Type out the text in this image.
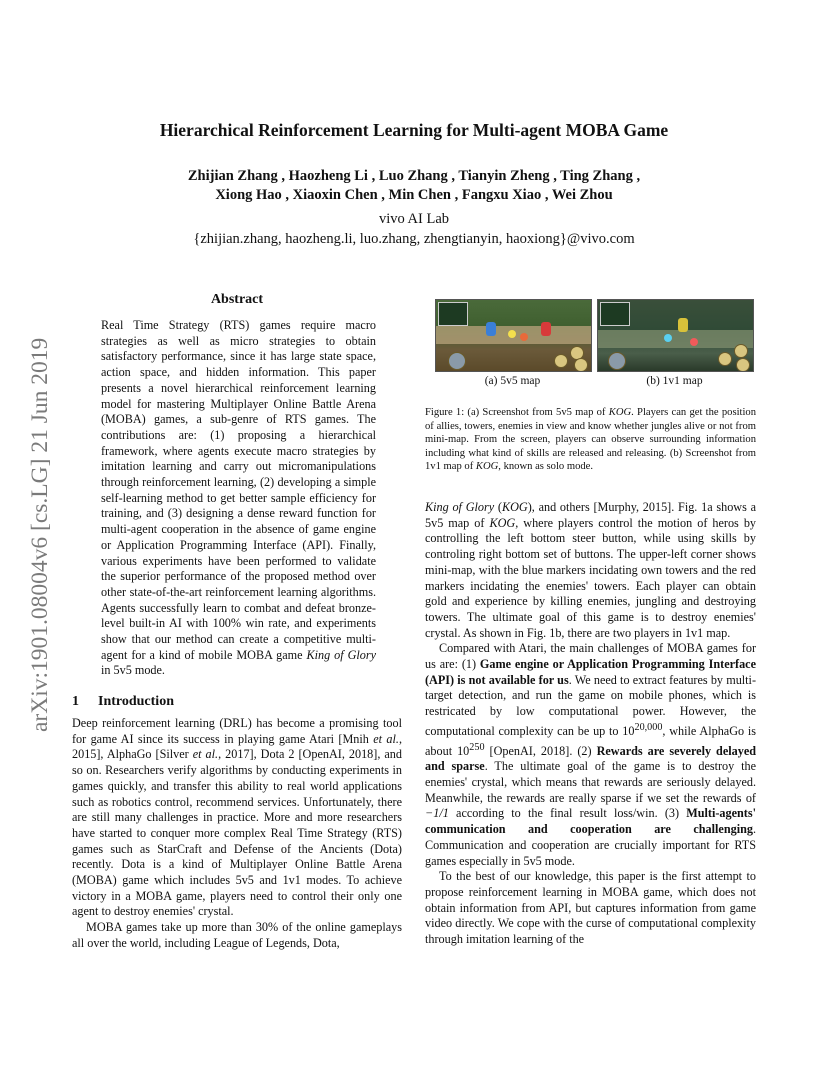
Hierarchical Reinforcement Learning for Multi-agent MOBA Game
Zhijian Zhang , Haozheng Li , Luo Zhang , Tianyin Zheng , Ting Zhang ,
Xiong Hao , Xiaoxin Chen , Min Chen , Fangxu Xiao , Wei Zhou
vivo AI Lab
{zhijian.zhang, haozheng.li, luo.zhang, zhengtianyin, haoxiong}@vivo.com
arXiv:1901.08004v6 [cs.LG] 21 Jun 2019
Abstract
Real Time Strategy (RTS) games require macro strategies as well as micro strategies to obtain satisfactory performance, since it has large state space, action space, and hidden information. This paper presents a novel hierarchical reinforcement learning model for mastering Multiplayer Online Battle Arena (MOBA) games, a sub-genre of RTS games. The contributions are: (1) proposing a hierarchical framework, where agents execute macro strategies by imitation learning and carry out micromanipulations through reinforcement learning, (2) developing a simple self-learning method to get better sample efficiency for training, and (3) designing a dense reward function for multi-agent cooperation in the absence of game engine or Application Programming Interface (API). Finally, various experiments have been performed to validate the superior performance of the proposed method over other state-of-the-art reinforcement learning algorithms. Agents successfully learn to combat and defeat bronze-level built-in AI with 100% win rate, and experiments show that our method can create a competitive multi-agent for a kind of mobile MOBA game King of Glory in 5v5 mode.
1 Introduction

Deep reinforcement learning (DRL) has become a promising tool for game AI since its success in playing game Atari [Mnih et al., 2015], AlphaGo [Silver et al., 2017], Dota 2 [OpenAI, 2018], and so on. Researchers verify algorithms by conducting experiments in games quickly, and transfer this ability to real world applications such as robotics control, recommend services. Unfortunately, there are still many challenges in practice. More and more researchers have started to conquer more complex Real Time Strategy (RTS) games such as StarCraft and Defense of the Ancients (Dota) recently. Dota is a kind of Multiplayer Online Battle Arena (MOBA) game which includes 5v5 and 1v1 modes. To achieve victory in a MOBA game, players need to control their only one agent to destroy enemies' crystal.

MOBA games take up more than 30% of the online gameplays all over the world, including League of Legends, Dota,

(a) 5v5 map	(b) 1v1 map
Figure 1: (a) Screenshot from 5v5 map of KOG. Players can get the position of allies, towers, enemies in view and know whether jungles alive or not from mini-map. From the screen, players can observe surrounding information including what kind of skills are released and releasing. (b) Screenshot from 1v1 map of KOG, known as solo mode.

King of Glory (KOG), and others [Murphy, 2015]. Fig. 1a shows a 5v5 map of KOG, where players control the motion of heros by controlling the left bottom steer button, while using skills by controling right bottom set of buttons. The upper-left corner shows mini-map, with the blue markers incidating own towers and the red markers incidating the enemies' towers. Each player can obtain gold and experience by killing enemies, jungling and destroying towers. The ultimate goal of this game is to destroy enemies' crystal. As shown in Fig. 1b, there are two players in 1v1 map.

Compared with Atari, the main challenges of MOBA games for us are: (1) Game engine or Application Programming Interface (API) is not available for us. We need to extract features by multi-target detection, and run the game on mobile phones, which is restricated by low computational power. However, the computational complexity can be up to 10$^{20,000}$, while AlphaGo is about $10^{250}$ [OpenAI, 2018]. (2) Rewards are severely delayed and sparse. The ultimate goal of the game is to destroy the enemies' crystal, which means that rewards are seriously delayed. Meanwhile, the rewards are really sparse if we set the rewards of −1/1 according to the final result loss/win. (3) Multi-agents' communication and cooperation are challenging. Communication and cooperation are crucially important for RTS games especially in 5v5 mode.

To the best of our knowledge, this paper is the first attempt to propose reinforcement learning in MOBA game, which does not obtain information from API, but captures information from game video directly. We cope with the curse of computational complexity through imitation learning of the
